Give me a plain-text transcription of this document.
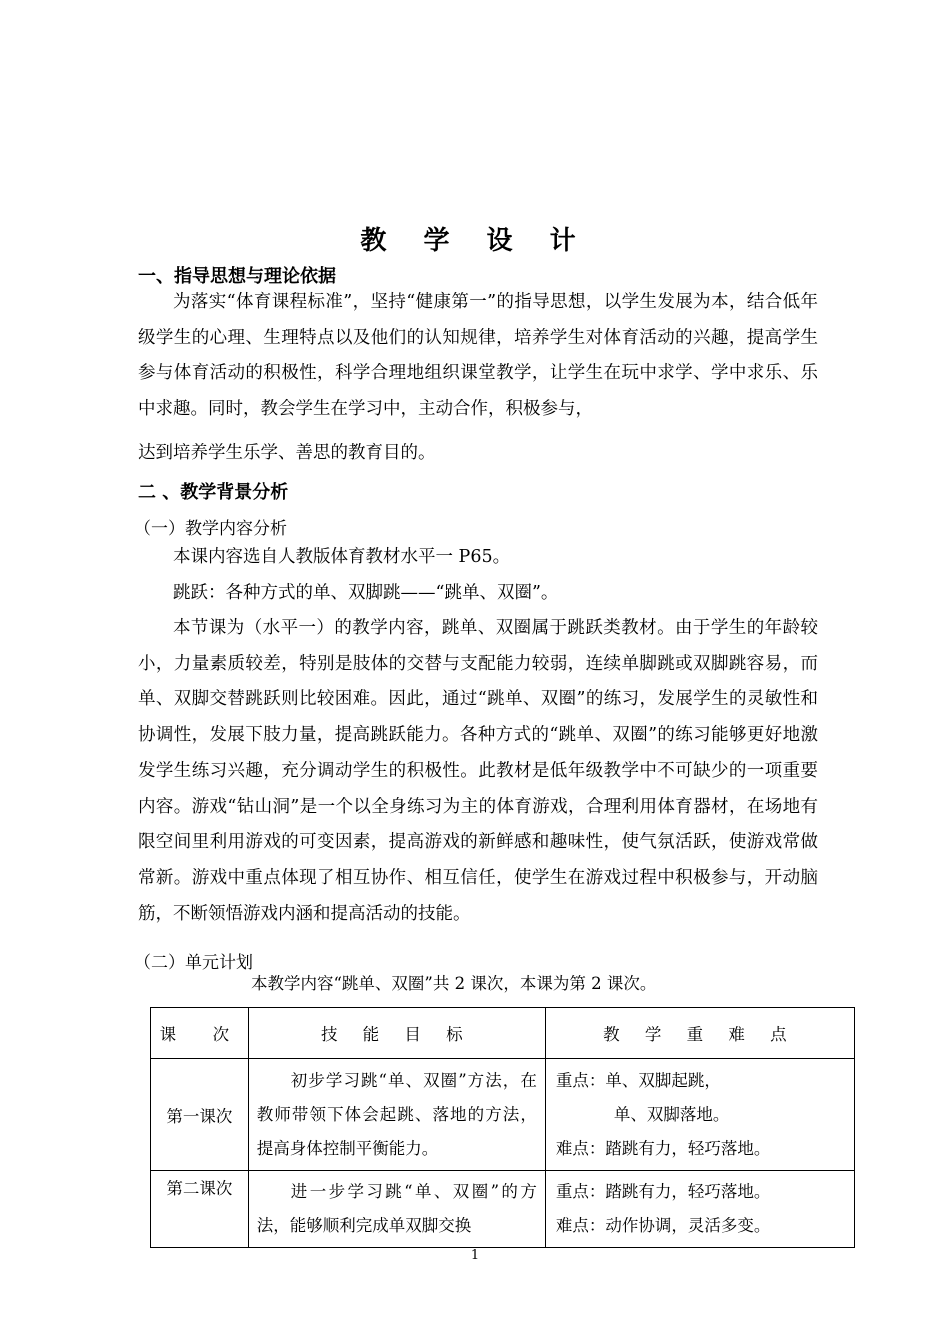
教 学 设 计
一、指导思想与理论依据
为落实“体育课程标准”，坚持“健康第一”的指导思想，以学生发展为本，结合低年级学生的心理、生理特点以及他们的认知规律，培养学生对体育活动的兴趣，提高学生参与体育活动的积极性，科学合理地组织课堂教学，让学生在玩中求学、学中求乐、乐中求趣。同时，教会学生在学习中，主动合作，积极参与，
达到培养学生乐学、善思的教育目的。
二 、教学背景分析
（一）教学内容分析
本课内容选自人教版体育教材水平一 P65。
跳跃：各种方式的单、双脚跳——“跳单、双圈”。
本节课为（水平一）的教学内容，跳单、双圈属于跳跃类教材。由于学生的年龄较小，力量素质较差，特别是肢体的交替与支配能力较弱，连续单脚跳或双脚跳容易，而单、双脚交替跳跃则比较困难。因此，通过“跳单、双圈”的练习，发展学生的灵敏性和协调性，发展下肢力量，提高跳跃能力。各种方式的“跳单、双圈”的练习能够更好地激发学生练习兴趣，充分调动学生的积极性。此教材是低年级教学中不可缺少的一项重要内容。游戏“钻山洞”是一个以全身练习为主的体育游戏，合理利用体育器材，在场地有限空间里利用游戏的可变因素，提高游戏的新鲜感和趣味性，使气氛活跃，使游戏常做常新。游戏中重点体现了相互协作、相互信任，使学生在游戏过程中积极参与，开动脑筋，不断领悟游戏内涵和提高活动的技能。
（二）单元计划
本教学内容“跳单、双圈”共 2 课次，本课为第 2 课次。
课　次	技 能 目 标	教 学 重 难 点
第一课次	初步学习跳“单、双圈”方法，在教师带领下体会起跳、落地的方法，提高身体控制平衡能力。	重点：单、双脚起跳，
单、双脚落地。
难点：踏跳有力，轻巧落地。

第二课次	进一步学习跳“单、双圈”的方法，能够顺利完成单双脚交换	重点：踏跳有力，轻巧落地。
难点：动作协调，灵活多变。
1
